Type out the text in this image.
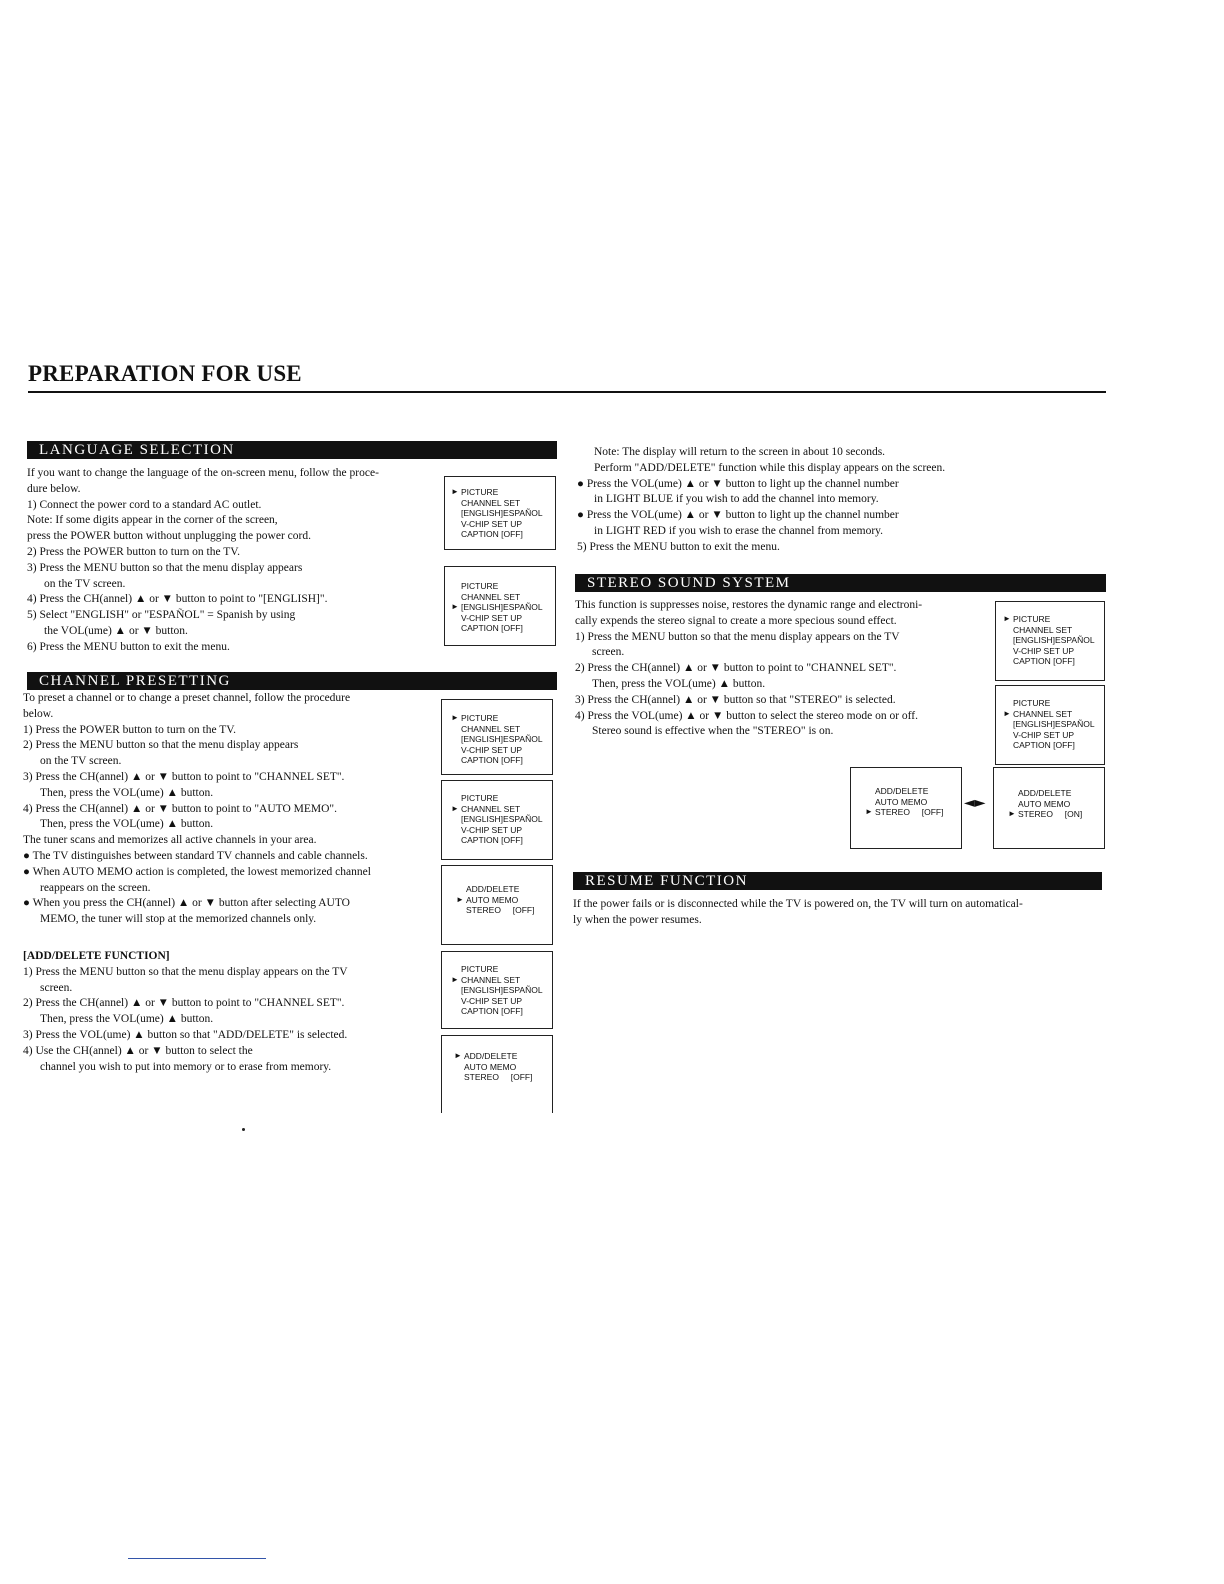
PREPARATION FOR USE
LANGUAGE SELECTION

If you want to change the language of the on-screen menu, follow the proce-

dure below.

1) Connect the power cord to a standard AC outlet.

Note: If some digits appear in the corner of the screen,

press the POWER button without unplugging the power cord.

2) Press the POWER button to turn on the TV.

3) Press the MENU button so that the menu display appears

on the TV screen.

4) Press the CH(annel) ▲ or ▼ button to point to "[ENGLISH]".

5) Select "ENGLISH" or "ESPAÑOL" = Spanish by using

the VOL(ume) ▲ or ▼ button.

6) Press the MENU button to exit the menu.

► PICTURE
CHANNEL SET
[ENGLISH]ESPAÑOL
V-CHIP SET UP
CAPTION [OFF]
PICTURE
CHANNEL SET
► [ENGLISH]ESPAÑOL
V-CHIP SET UP
CAPTION [OFF]
CHANNEL PRESETTING

To preset a channel or to change a preset channel, follow the procedure

below.

1) Press the POWER button to turn on the TV.

2) Press the MENU button so that the menu display appears

on the TV screen.

3) Press the CH(annel) ▲ or ▼ button to point to "CHANNEL SET".

Then, press the VOL(ume) ▲ button.

4) Press the CH(annel) ▲ or ▼ button to point to "AUTO MEMO".

Then, press the VOL(ume) ▲ button.

The tuner scans and memorizes all active channels in your area.

● The TV distinguishes between standard TV channels and cable channels.

● When AUTO MEMO action is completed, the lowest memorized channel

reappears on the screen.

● When you press the CH(annel) ▲ or ▼ button after selecting AUTO

MEMO, the tuner will stop at the memorized channels only.

[ADD/DELETE FUNCTION]

1) Press the MENU button so that the menu display appears on the TV

screen.

2) Press the CH(annel) ▲ or ▼ button to point to "CHANNEL SET".

Then, press the VOL(ume) ▲ button.

3) Press the VOL(ume) ▲ button so that "ADD/DELETE" is selected.

4) Use the CH(annel) ▲ or ▼ button to select the

channel you wish to put into memory or to erase from memory.

► PICTURE
CHANNEL SET
[ENGLISH]ESPAÑOL
V-CHIP SET UP
CAPTION [OFF]
PICTURE
► CHANNEL SET
[ENGLISH]ESPAÑOL
V-CHIP SET UP
CAPTION [OFF]
ADD/DELETE
► AUTO MEMO
STEREO     [OFF]
PICTURE
► CHANNEL SET
[ENGLISH]ESPAÑOL
V-CHIP SET UP
CAPTION [OFF]
► ADD/DELETE
AUTO MEMO
STEREO     [OFF]

Note: The display will return to the screen in about 10 seconds.

Perform "ADD/DELETE" function while this display appears on the screen.

● Press the VOL(ume) ▲ or ▼ button to light up the channel number

in LIGHT BLUE if you wish to add the channel into memory.

● Press the VOL(ume) ▲ or ▼ button to light up the channel number

in LIGHT RED if you wish to erase the channel from memory.

5) Press the MENU button to exit the menu.

STEREO SOUND SYSTEM

This function is suppresses noise, restores the dynamic range and electroni-

cally expends the stereo signal to create a more specious sound effect.

1) Press the MENU button so that the menu display appears on the TV

screen.

2) Press the CH(annel) ▲ or ▼ button to point to "CHANNEL SET".

Then, press the VOL(ume) ▲ button.

3) Press the CH(annel) ▲ or ▼ button so that "STEREO" is selected.

4) Press the VOL(ume) ▲ or ▼ button to select the stereo mode on or off.

Stereo sound is effective when the "STEREO" is on.

► PICTURE
CHANNEL SET
[ENGLISH]ESPAÑOL
V-CHIP SET UP
CAPTION [OFF]
PICTURE
► CHANNEL SET
[ENGLISH]ESPAÑOL
V-CHIP SET UP
CAPTION [OFF]
ADD/DELETE
AUTO MEMO
► STEREO     [OFF]
◄►
ADD/DELETE
AUTO MEMO
► STEREO     [ON]
RESUME FUNCTION

If the power fails or is disconnected while the TV is powered on, the TV will turn on automatical-

ly when the power resumes.
